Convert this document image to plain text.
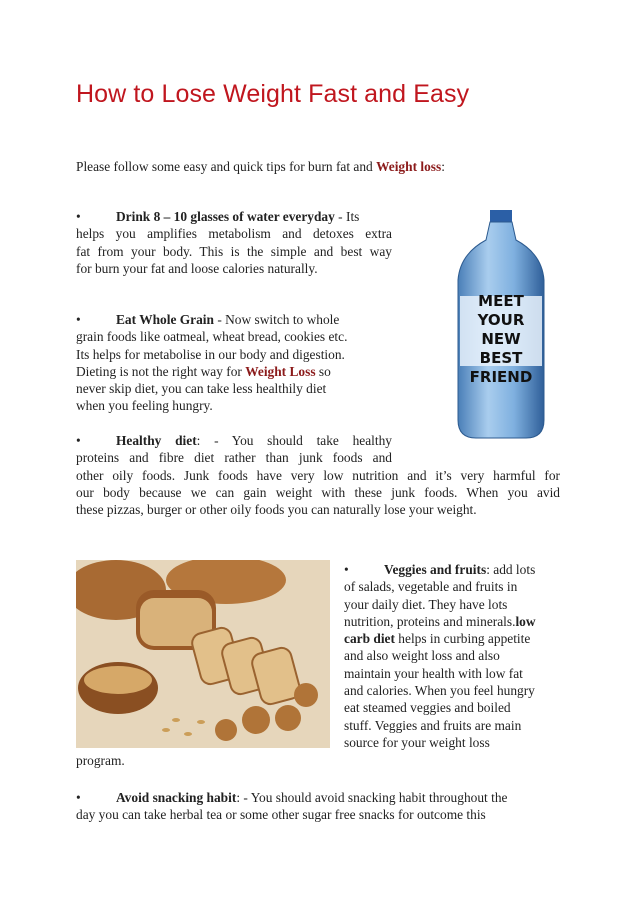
How to Lose Weight Fast and Easy

Please follow some easy and quick tips for burn fat and Weight loss:

•	Drink 8 – 10 glasses of water everyday - Its
helps you amplifies metabolism and detoxes extra
fat from your body. This is the simple and best way
for burn your fat and loose calories naturally.
•	Eat Whole Grain - Now switch to whole
grain foods like oatmeal, wheat bread, cookies etc.
Its helps for metabolise in our body and digestion.
Dieting is not the right way for Weight Loss so
never skip diet, you can take less healthily diet
when you feeling hungry.
MEET
YOUR
NEW
BEST
FRIEND
•	Healthy diet: - You should take healthy
proteins and fibre diet rather than junk foods and
other oily foods. Junk foods have very low nutrition and it’s very harmful for
our body because we can gain weight with these junk foods. When you avid
these pizzas, burger or other oily foods you can naturally lose your weight.
•	Veggies and fruits: add lots
of salads, vegetable and fruits in
your daily diet. They have lots
nutrition, proteins and minerals.low
carb diet helps in curbing appetite
and also weight loss and also
maintain your health with low fat
and calories. When you feel hungry
eat steamed veggies and boiled
stuff. Veggies and fruits are main
source for your weight loss

program.

•	Avoid snacking habit: - You should avoid snacking habit throughout the
day you can take herbal tea or some other sugar free snacks for outcome this
